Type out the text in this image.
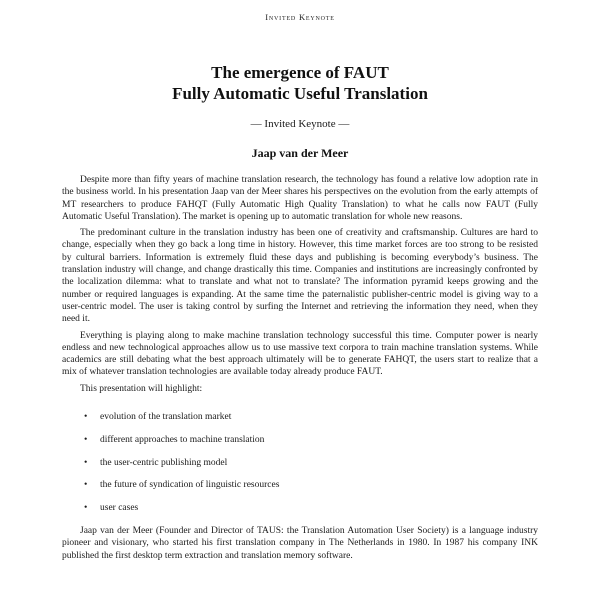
Invited Keynote
The emergence of FAUT
Fully Automatic Useful Translation
— Invited Keynote —
Jaap van der Meer

Despite more than fifty years of machine translation research, the technology has found a relative low adoption rate in the business world. In his presentation Jaap van der Meer shares his perspectives on the evolution from the early attempts of MT researchers to produce FAHQT (Fully Automatic High Quality Translation) to what he calls now FAUT (Fully Automatic Useful Translation). The market is opening up to automatic translation for whole new reasons.

The predominant culture in the translation industry has been one of creativity and craftsmanship. Cultures are hard to change, especially when they go back a long time in history. However, this time market forces are too strong to be resisted by cultural barriers. Information is extremely fluid these days and publishing is becoming everybody’s business. The translation industry will change, and change drastically this time. Companies and institutions are increasingly confronted by the localization dilemma: what to translate and what not to translate? The information pyramid keeps growing and the number or required languages is expanding. At the same time the paternalistic publisher-centric model is giving way to a user-centric model. The user is taking control by surfing the Internet and retrieving the information they need, when they need it.

Everything is playing along to make machine translation technology successful this time. Computer power is nearly endless and new technological approaches allow us to use massive text corpora to train machine translation systems. While academics are still debating what the best approach ultimately will be to generate FAHQT, the users start to realize that a mix of whatever translation technologies are available today already produce FAUT.

This presentation will highlight:

• evolution of the translation market
• different approaches to machine translation
• the user-centric publishing model
• the future of syndication of linguistic resources
• user cases

Jaap van der Meer (Founder and Director of TAUS: the Translation Automation User Society) is a language industry pioneer and visionary, who started his first translation company in The Netherlands in 1980. In 1987 his company INK published the first desktop term extraction and translation memory software.
